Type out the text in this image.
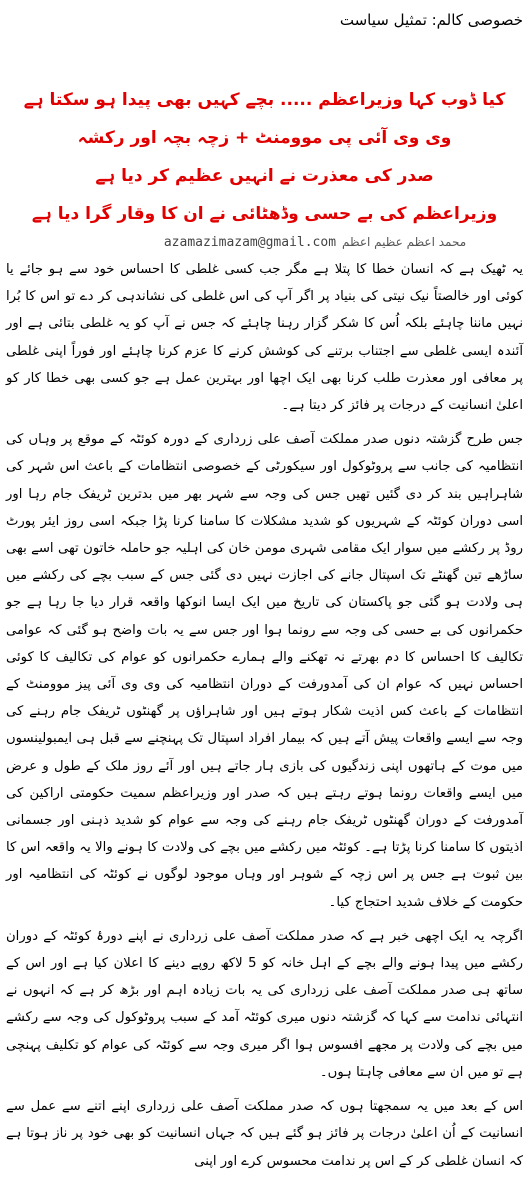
خصوصی کالم: تمثیل سیاست
کیا ڈوب کہا وزیراعظم ..... بچے کہیں بھی پیدا ہو سکتا ہے
وی وی آئی پی موومنٹ + زچہ بچہ اور رکشہ
صدر کی معذرت نے انہیں عظیم کر دیا ہے
وزیراعظم کی بے حسی وڈھٹائی نے ان کا وقار گرا دیا ہے
محمد اعظم عظیم اعظم
azamazimazam@gmail.com

یہ ٹھیک ہے کہ انسان خطا کا پتلا ہے مگر جب کسی غلطی کا احساس خود سے ہو جائے یا کوئی اور خالصتاً نیک نیتی کی بنیاد پر اگر آپ کی اس غلطی کی نشاندہی کر دے تو اس کا بُرا نہیں ماننا چاہئے بلکہ اُس کا شکر گزار رہنا چاہئے کہ جس نے آپ کو یہ غلطی بتائی ہے اور آئندہ ایسی غلطی سے اجتناب برتنے کی کوشش کرنے کا عزم کرنا چاہئے اور فوراً اپنی غلطی پر معافی اور معذرت طلب کرنا بھی ایک اچھا اور بہترین عمل ہے جو کسی بھی خطا کار کو اعلیٰ انسانیت کے درجات پر فائز کر دیتا ہے۔

جس طرح گزشتہ دنوں صدر مملکت آصف علی زرداری کے دورہ کوئٹہ کے موقع پر وہاں کی انتظامیہ کی جانب سے پروٹوکول اور سیکورٹی کے خصوصی انتظامات کے باعث اس شہر کی شاہراہیں بند کر دی گئیں تھیں جس کی وجہ سے شہر بھر میں بدترین ٹریفک جام رہا اور اسی دوران کوئٹہ کے شہریوں کو شدید مشکلات کا سامنا کرنا پڑا جبکہ اسی روز ایئر پورٹ روڈ پر رکشے میں سوار ایک مقامی شہری مومن خان کی اہلیہ جو حاملہ خاتون تھی اسے بھی ساڑھے تین گھنٹے تک اسپتال جانے کی اجازت نہیں دی گئی جس کے سبب بچے کی رکشے میں ہی ولادت ہو گئی جو پاکستان کی تاریخ میں ایک ایسا انوکھا واقعہ قرار دیا جا رہا ہے جو حکمرانوں کی بے حسی کی وجہ سے رونما ہوا اور جس سے یہ بات واضح ہو گئی کہ عوامی تکالیف کا احساس کا دم بھرتے نہ تھکنے والے ہمارے حکمرانوں کو عوام کی تکالیف کا کوئی احساس نہیں کہ عوام ان کی آمدورفت کے دوران انتظامیہ کی وی وی آئی پیز موومنٹ کے انتظامات کے باعث کس اذیت شکار ہوتے ہیں اور شاہراؤں پر گھنٹوں ٹریفک جام رہنے کی وجہ سے ایسے واقعات پیش آتے ہیں کہ بیمار افراد اسپتال تک پہنچنے سے قبل ہی ایمبولینسوں میں موت کے ہاتھوں اپنی زندگیوں کی بازی ہار جاتے ہیں اور آئے روز ملک کے طول و عرض میں ایسے واقعات رونما ہوتے رہتے ہیں کہ صدر اور وزیراعظم سمیت حکومتی اراکین کی آمدورفت کے دوران گھنٹوں ٹریفک جام رہنے کی وجہ سے عوام کو شدید ذہنی اور جسمانی اذیتوں کا سامنا کرنا پڑتا ہے۔ کوئٹہ میں رکشے میں بچے کی ولادت کا ہونے والا یہ واقعہ اس کا بین ثبوت ہے جس پر اس زچہ کے شوہر اور وہاں موجود لوگوں نے کوئٹہ کی انتظامیہ اور حکومت کے خلاف شدید احتجاج کیا۔

اگرچہ یہ ایک اچھی خبر ہے کہ صدر مملکت آصف علی زرداری نے اپنے دورۂ کوئٹہ کے دوران رکشے میں پیدا ہونے والے بچے کے اہل خانہ کو 5 لاکھ روپے دینے کا اعلان کیا ہے اور اس کے ساتھ ہی صدر مملکت آصف علی زرداری کی یہ بات زیادہ اہم اور بڑھ کر ہے کہ انہوں نے انتہائی ندامت سے کہا کہ گزشتہ دنوں میری کوئٹہ آمد کے سبب پروٹوکول کی وجہ سے رکشے میں بچے کی ولادت پر مجھے افسوس ہوا اگر میری وجہ سے کوئٹہ کی عوام کو تکلیف پہنچی ہے تو میں ان سے معافی چاہتا ہوں۔

اس کے بعد میں یہ سمجھتا ہوں کہ صدر مملکت آصف علی زرداری اپنے اتنے سے عمل سے انسانیت کے اُن اعلیٰ درجات پر فائز ہو گئے ہیں کہ جہاں انسانیت کو بھی خود پر ناز ہوتا ہے کہ انسان غلطی کر کے اس پر ندامت محسوس کرے اور اپنی
